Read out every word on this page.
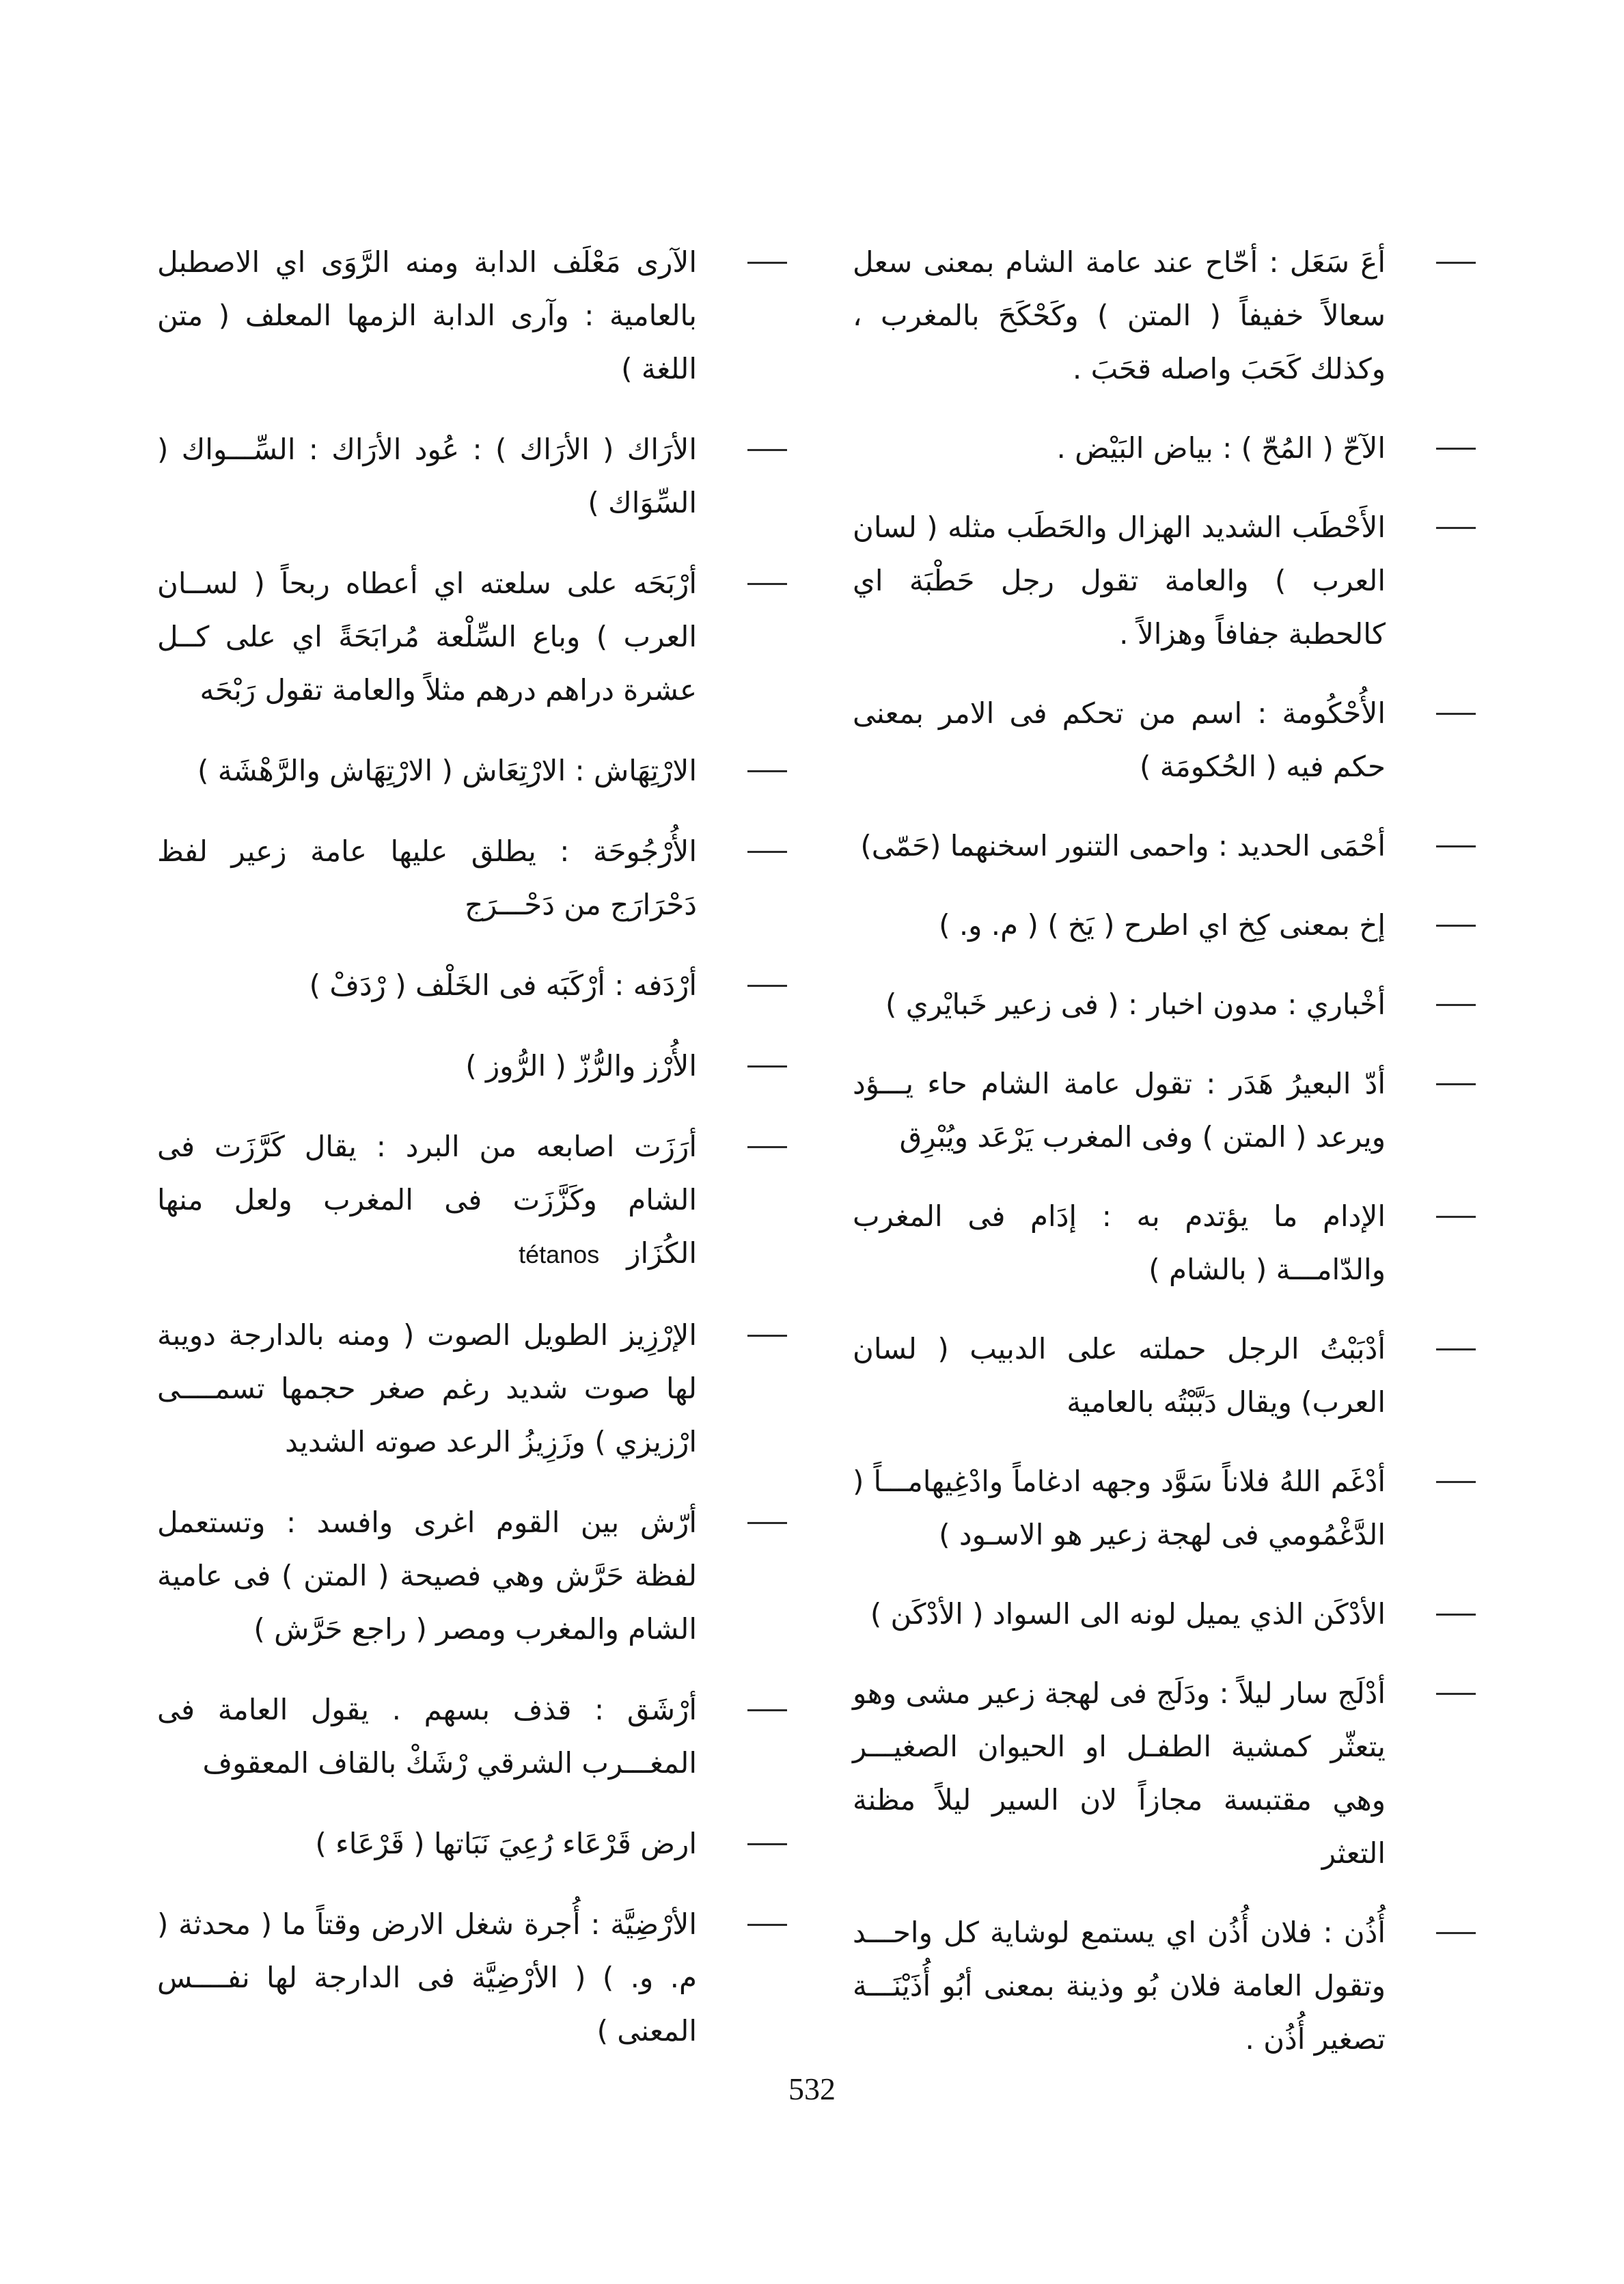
أعَ سَعَل : أحّاح عند عامة الشام بمعنى سعل سعالاً خفيفاً ( المتن ) وكَحْكَحَ بالمغرب ، وكذلك كَحَبَ واصله قحَبَ .
الآحّ ( المُحّ ) : بياض البَيْض .
الأَحْطَب الشديد الهزال والحَطَب مثله ( لسان العرب ) والعامة تقول رجل حَطْبَة اي كالحطبة جفافاً وهزالاً .
الأُحْكُومة : اسم من تحكم فى الامر بمعنى حكم فيه ( الحُكومَة )
أحْمَى الحديد : واحمى التنور اسخنهما (حَمّى)
إخ بمعنى كِخ اي اطرح ( يَخ ) ( م. و. )
أخْباري : مدون اخبار : ( فى زعير خَبايْري )
أدّ البعيرُ هَدَر : تقول عامة الشام حاء يـــؤد ويرعد ( المتن ) وفى المغرب يَرْعَد ويُبْرِق
الإدام ما يؤتدم به : إدَام فى المغرب والدّامـــة ( بالشام )
أدْبَبْتُ الرجل حملته على الدبيب ( لسان العرب) ويقال دَبَّبْتُه بالعامية
أدْغَم اللهُ فلاناً سَوَّد وجهه ادغاماً وادْغِيهامـــاً ( الدَّغْمُومي فى لهجة زعير هو الاسـود )
الأدْكَن الذي يميل لونه الى السواد ( الأدْكَن )
أدْلَج سار ليلاً : ودَلَج فى لهجة زعير مشى وهو يتعثّر كمشية الطفـل او الحيوان الصغيـــر وهي مقتبسة مجازاً لان السير ليلاً مظنة التعثر
أُذُن : فلان أُذُن اي يستمع لوشاية كل واحـــد وتقول العامة فلان بُو وذينة بمعنى أبُو أُذَيْنَـــة تصغير أُذُن .
الآرى مَعْلَف الدابة ومنه الرَّوَى اي الاصطبل بالعامية : وآرى الدابة الزمها المعلف ( متن اللغة )
الأرَاك ( الأرَاك ) : عُود الأرَاك : السِّـــواك ( السِّوَاك )
أرْبَحَه على سلعته اي أعطاه ربحاً ( لســان العرب ) وباع السِّلْعة مُرابَحَةً اي على كــل عشرة دراهم درهم مثلاً والعامة تقول رَبْحَه
الارْتِهَاش : الارْتِعَاش ( الارْتِهَاش والرَّهْشَة )
الأُرْجُوحَة : يطلق عليها عامة زعير لفظ دَحْرَارَج من دَحْـــرَج
أرْدَفه : أرْكَبَه فى الخَلْف ( رْدَفْ )
الأُرْز والرُّزّ ( الرُّوز )
أرَزَت اصابعه من البرد : يقال كَرَّزَت فى الشام وكَزَّزَت فى المغرب ولعل منها الكُزَازtétanos
الإرْزِيز الطويل الصوت ( ومنه بالدارجة دويبة لها صوت شديد رغم صغر حجمها تسمــــى ارْزيزي ) وزَزِيزُ الرعد صوته الشديد
أرّش بين القوم اغرى وافسد : وتستعمل لفظة حَرَّش وهي فصيحة ( المتن ) فى عامية الشام والمغرب ومصر ( راجع حَرَّش )
أرْشَق : قذف بسهم . يقول العامة فى المغـــرب الشرقي رْشَكْ بالقاف المعقوف
ارض قَرْعَاء رُعِيَ نَبَاتها ( قَرْعَاء )
الأرْضِيَّة : أُجرة شغل الارض وقتاً ما ( محدثة ( م. و. ) ( الأرْضِيَّة فى الدارجة لها نفــــس المعنى )
532
